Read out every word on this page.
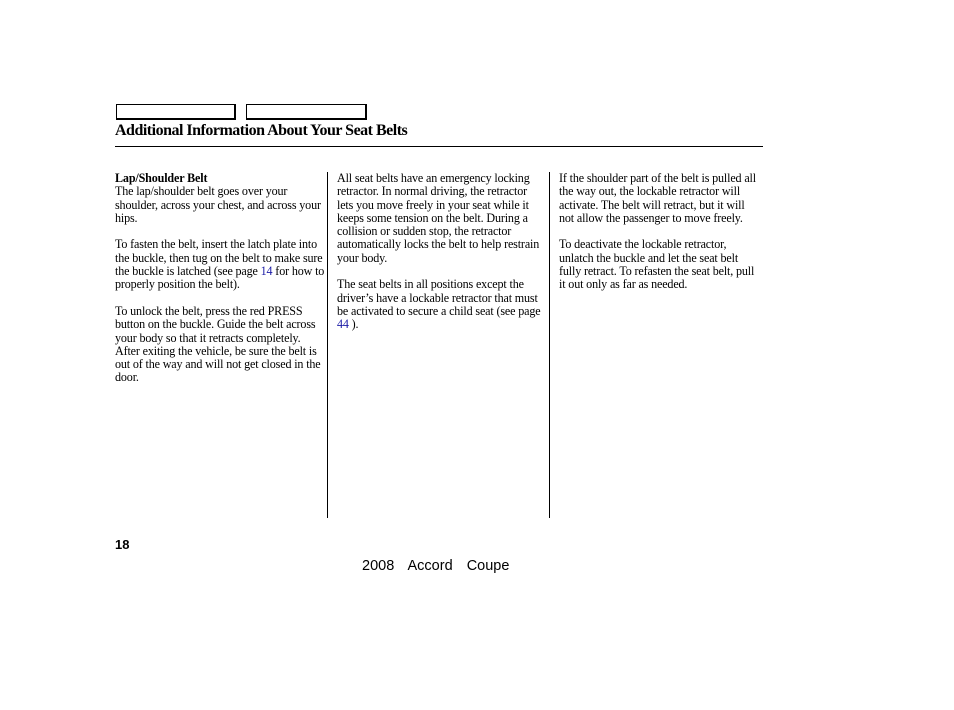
Additional Information About Your Seat Belts
Lap/Shoulder Belt

The lap/shoulder belt goes over your shoulder, across your chest, and across your hips.

To fasten the belt, insert the latch plate into the buckle, then tug on the belt to make sure the buckle is latched (see page 14 for how to properly position the belt).

To unlock the belt, press the red PRESS button on the buckle. Guide the belt across your body so that it retracts completely. After exiting the vehicle, be sure the belt is out of the way and will not get closed in the door.

All seat belts have an emergency locking retractor. In normal driving, the retractor lets you move freely in your seat while it keeps some tension on the belt. During a collision or sudden stop, the retractor automatically locks the belt to help restrain your body.

The seat belts in all positions except the driver’s have a lockable retractor that must be activated to secure a child seat (see page 44 ).

If the shoulder part of the belt is pulled all the way out, the lockable retractor will activate. The belt will retract, but it will not allow the passenger to move freely.

To deactivate the lockable retractor, unlatch the buckle and let the seat belt fully retract. To refasten the seat belt, pull it out only as far as needed.

18
2008  Accord  Coupe
